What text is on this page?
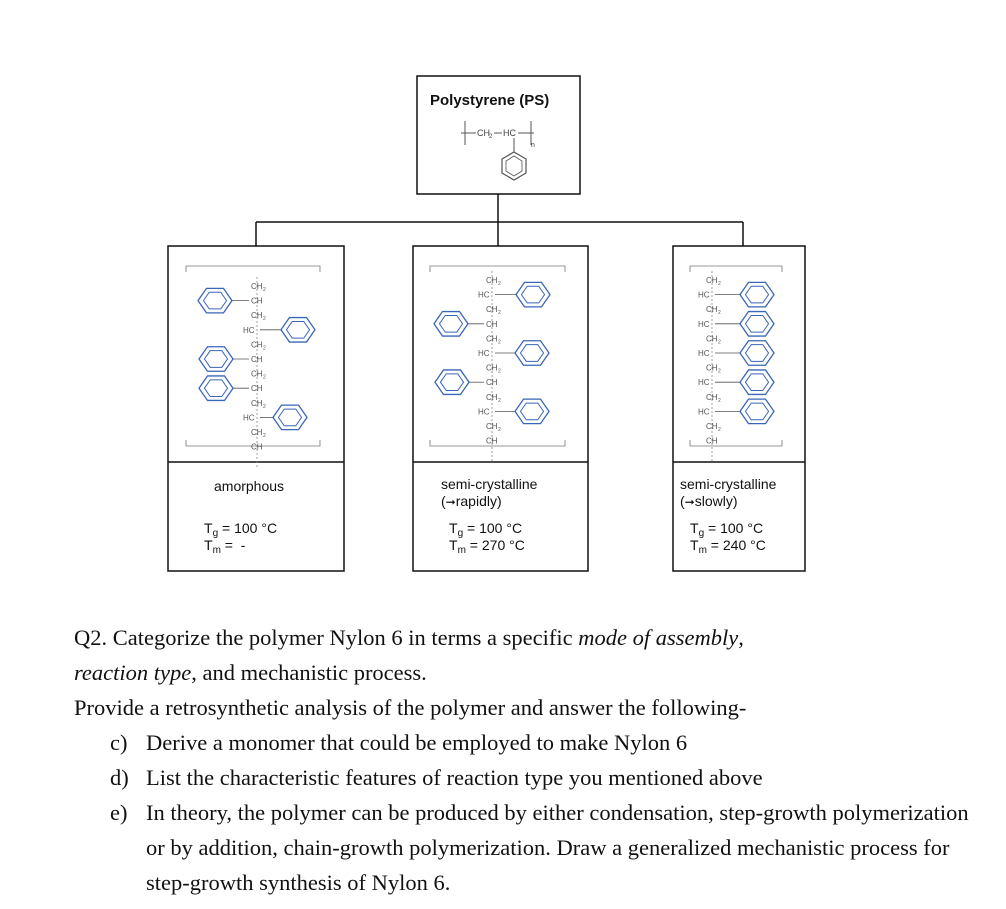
CH 2 HC
n
CH 2
CH
CH 2
HC
CH 2
CH
CH 2
CH
CH 2
HC
CH 2
CH
CH 2
HC
CH 2
CH
CH 2
HC
CH 2
CH
CH 2
HC
CH 2
CH
CH 2
HC
CH 2
HC
CH 2
HC
CH 2
HC
CH 2
HC
CH 2
CH
Polystyrene (PS)
amorphous
$T_g = 100$ °C
$T_m$ = -
semi-crystalline
(➞rapidly)
$T_g = 100$ °C
$T_m = 270$ °C
semi-crystalline
(➞slowly)
$T_g = 100$ °C
$T_m = 240$ °C

Q2. Categorize the polymer Nylon 6 in terms a specific mode of assembly,
reaction type, and mechanistic process.

Provide a retrosynthetic analysis of the polymer and answer the following-

c) Derive a monomer that could be employed to make Nylon 6
d) List the characteristic features of reaction type you mentioned above
e) In theory, the polymer can be produced by either condensation, step-growth polymerization or by addition, chain-growth polymerization. Draw a generalized mechanistic process for step-growth synthesis of Nylon 6.
